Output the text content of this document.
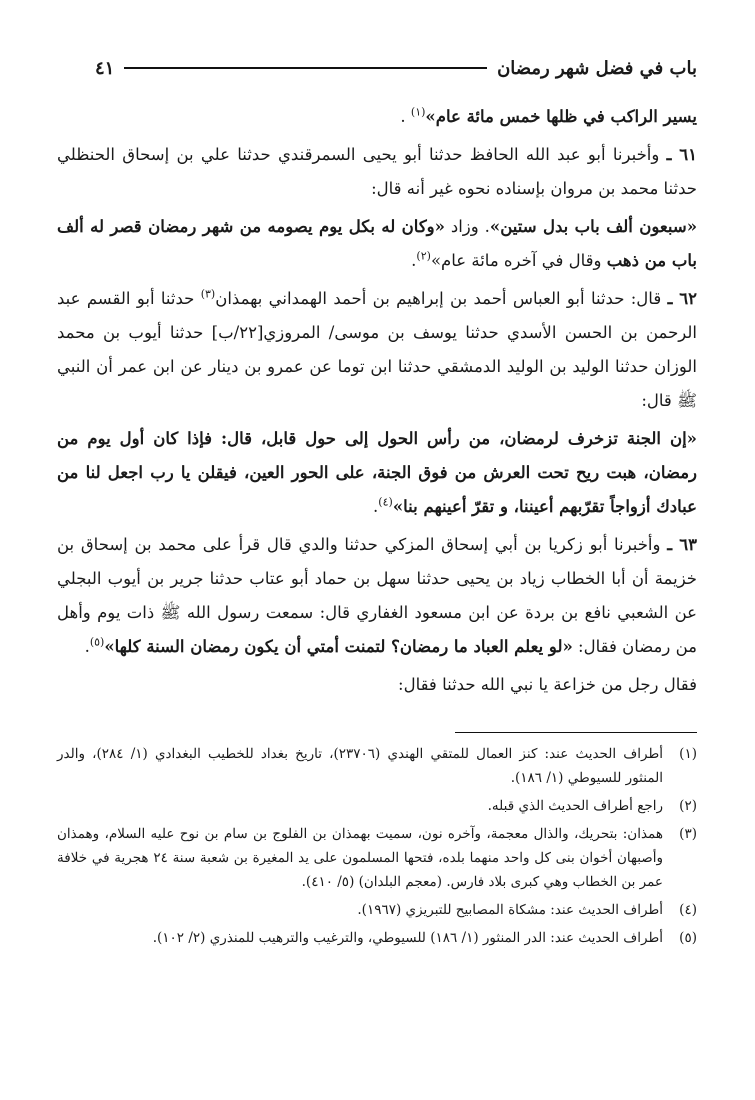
باب في فضل شهر رمضان
٤١

يسير الراكب في ظلها خمس مائة عام»$^{(١)}$ .

٦١ ـ وأخبرنا أبو عبد الله الحافظ حدثنا أبو يحيى السمرقندي حدثنا علي بن إسحاق الحنظلي حدثنا محمد بن مروان بإسناده نحوه غير أنه قال:

«سبعون ألف باب بدل ستين». وزاد «وكان له بكل يوم يصومه من شهر رمضان قصر له ألف باب من ذهب وقال في آخره مائة عام»$^{(٢)}$.

٦٢ ـ قال: حدثنا أبو العباس أحمد بن إبراهيم بن أحمد الهمداني بهمذان$^{(٣)}$ حدثنا أبو القسم عبد الرحمن بن الحسن الأسدي حدثنا يوسف بن موسى/ المروزي[٢٢/ب] حدثنا أيوب بن محمد الوزان حدثنا الوليد بن الوليد الدمشقي حدثنا ابن توما عن عمرو بن دينار عن ابن عمر أن النبي ﷺ قال:

«إن الجنة تزخرف لرمضان، من رأس الحول إلى حول قابل، قال: فإذا كان أول يوم من رمضان، هبت ريح تحت العرش من فوق الجنة، على الحور العين، فيقلن يا رب اجعل لنا من عبادك أزواجاً تقرّبهم أعيننا، و تقرّ أعينهم بنا»$^{(٤)}$.

٦٣ ـ وأخبرنا أبو زكريا بن أبي إسحاق المزكي حدثنا والدي قال قرأ على محمد بن إسحاق بن خزيمة أن أبا الخطاب زياد بن يحيى حدثنا سهل بن حماد أبو عتاب حدثنا جرير بن أيوب البجلي عن الشعبي نافع بن بردة عن ابن مسعود الغفاري قال: سمعت رسول الله ﷺ ذات يوم وأهل من رمضان فقال: «لو يعلم العباد ما رمضان؟ لتمنت أمتي أن يكون رمضان السنة كلها»$^{(٥)}$.

فقال رجل من خزاعة يا نبي الله حدثنا فقال:

(١)
أطراف الحديث عند: كنز العمال للمتقي الهندي (٢٣٧٠٦)، تاريخ بغداد للخطيب البغدادي (١/ ٢٨٤)، والدر المنثور للسيوطي (١/ ١٨٦).
(٢)
راجع أطراف الحديث الذي قبله.
(٣)
همذان: بتحريك، والذال معجمة، وآخره نون، سميت بهمذان بن الفلوج بن سام بن نوح عليه السلام، وهمذان وأصبهان أخوان بنى كل واحد منهما بلده، فتحها المسلمون على يد المغيرة بن شعبة سنة ٢٤ هجرية في خلافة عمر بن الخطاب وهي كبرى بلاد فارس. (معجم البلدان) (٥/ ٤١٠).
(٤)
أطراف الحديث عند: مشكاة المصابيح للتبريزي (١٩٦٧).
(٥)
أطراف الحديث عند: الدر المنثور (١/ ١٨٦) للسيوطي، والترغيب والترهيب للمنذري (٢/ ١٠٢).
